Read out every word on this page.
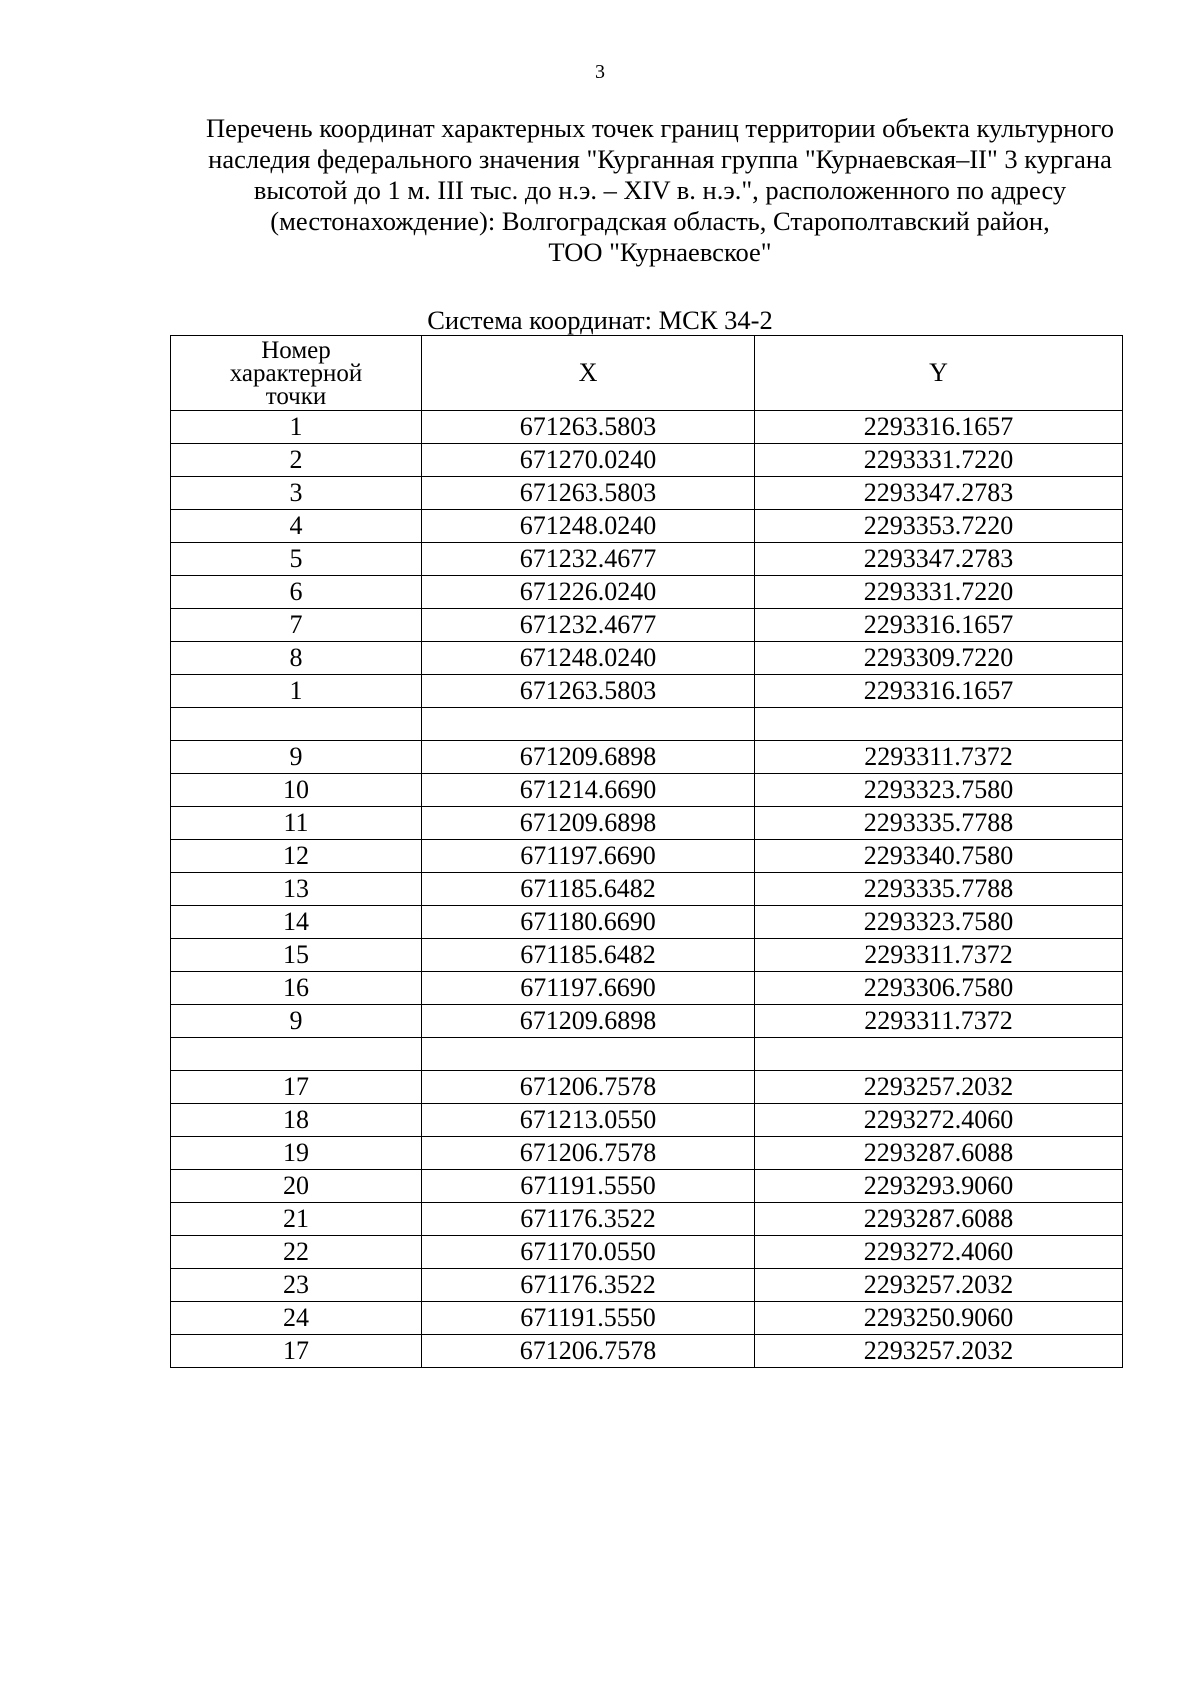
3
Перечень координат характерных точек границ территории объекта культурного
наследия федерального значения "Курганная группа "Курнаевская–II" 3 кургана
высотой до 1 м. III тыс. до н.э. – XIV в. н.э.", расположенного по адресу
(местонахождение): Волгоградская область, Старополтавский район,
ТОО "Курнаевское"
Система координат: МСК 34-2
Номер
характерной
точки	X	Y
1	671263.5803	2293316.1657
2	671270.0240	2293331.7220
3	671263.5803	2293347.2783
4	671248.0240	2293353.7220
5	671232.4677	2293347.2783
6	671226.0240	2293331.7220
7	671232.4677	2293316.1657
8	671248.0240	2293309.7220
1	671263.5803	2293316.1657

9	671209.6898	2293311.7372
10	671214.6690	2293323.7580
11	671209.6898	2293335.7788
12	671197.6690	2293340.7580
13	671185.6482	2293335.7788
14	671180.6690	2293323.7580
15	671185.6482	2293311.7372
16	671197.6690	2293306.7580
9	671209.6898	2293311.7372

17	671206.7578	2293257.2032
18	671213.0550	2293272.4060
19	671206.7578	2293287.6088
20	671191.5550	2293293.9060
21	671176.3522	2293287.6088
22	671170.0550	2293272.4060
23	671176.3522	2293257.2032
24	671191.5550	2293250.9060
17	671206.7578	2293257.2032
